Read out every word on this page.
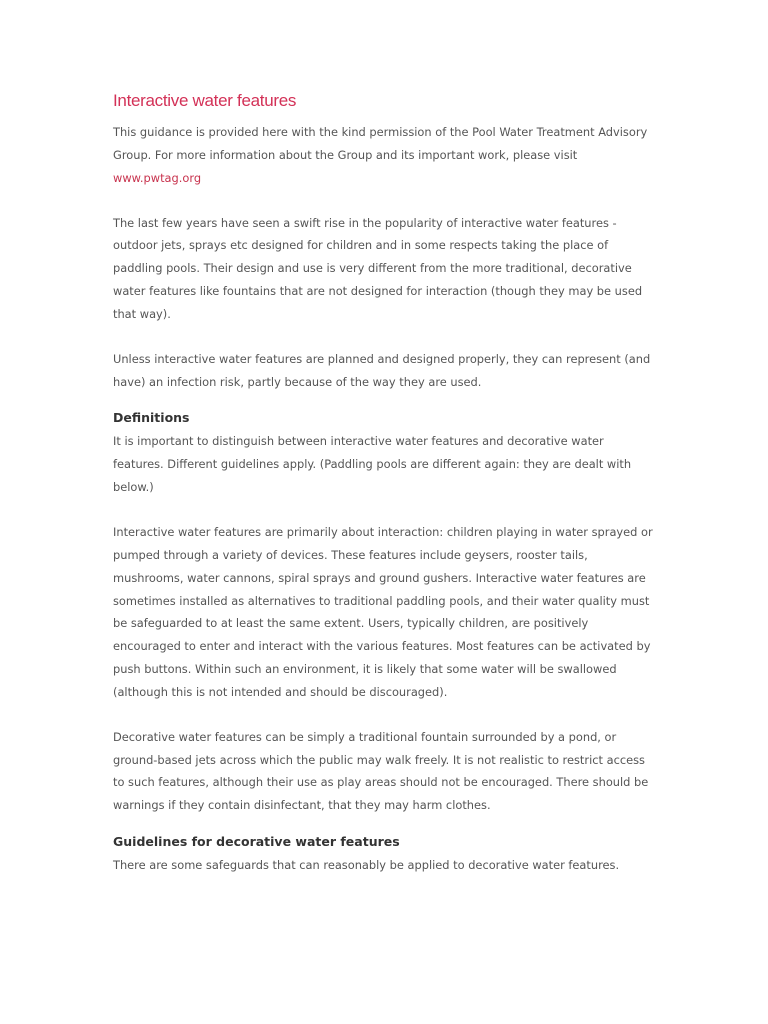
Interactive water features

This guidance is provided here with the kind permission of the Pool Water Treatment Advisory
Group. For more information about the Group and its important work, please visit
www.pwtag.org

The last few years have seen a swift rise in the popularity of interactive water features -
outdoor jets, sprays etc designed for children and in some respects taking the place of
paddling pools. Their design and use is very different from the more traditional, decorative
water features like fountains that are not designed for interaction (though they may be used
that way).

Unless interactive water features are planned and designed properly, they can represent (and
have) an infection risk, partly because of the way they are used.

Definitions

It is important to distinguish between interactive water features and decorative water
features. Different guidelines apply. (Paddling pools are different again: they are dealt with
below.)

Interactive water features are primarily about interaction: children playing in water sprayed or
pumped through a variety of devices. These features include geysers, rooster tails,
mushrooms, water cannons, spiral sprays and ground gushers. Interactive water features are
sometimes installed as alternatives to traditional paddling pools, and their water quality must
be safeguarded to at least the same extent. Users, typically children, are positively
encouraged to enter and interact with the various features. Most features can be activated by
push buttons. Within such an environment, it is likely that some water will be swallowed
(although this is not intended and should be discouraged).

Decorative water features can be simply a traditional fountain surrounded by a pond, or
ground-based jets across which the public may walk freely. It is not realistic to restrict access
to such features, although their use as play areas should not be encouraged. There should be
warnings if they contain disinfectant, that they may harm clothes.

Guidelines for decorative water features

There are some safeguards that can reasonably be applied to decorative water features.
